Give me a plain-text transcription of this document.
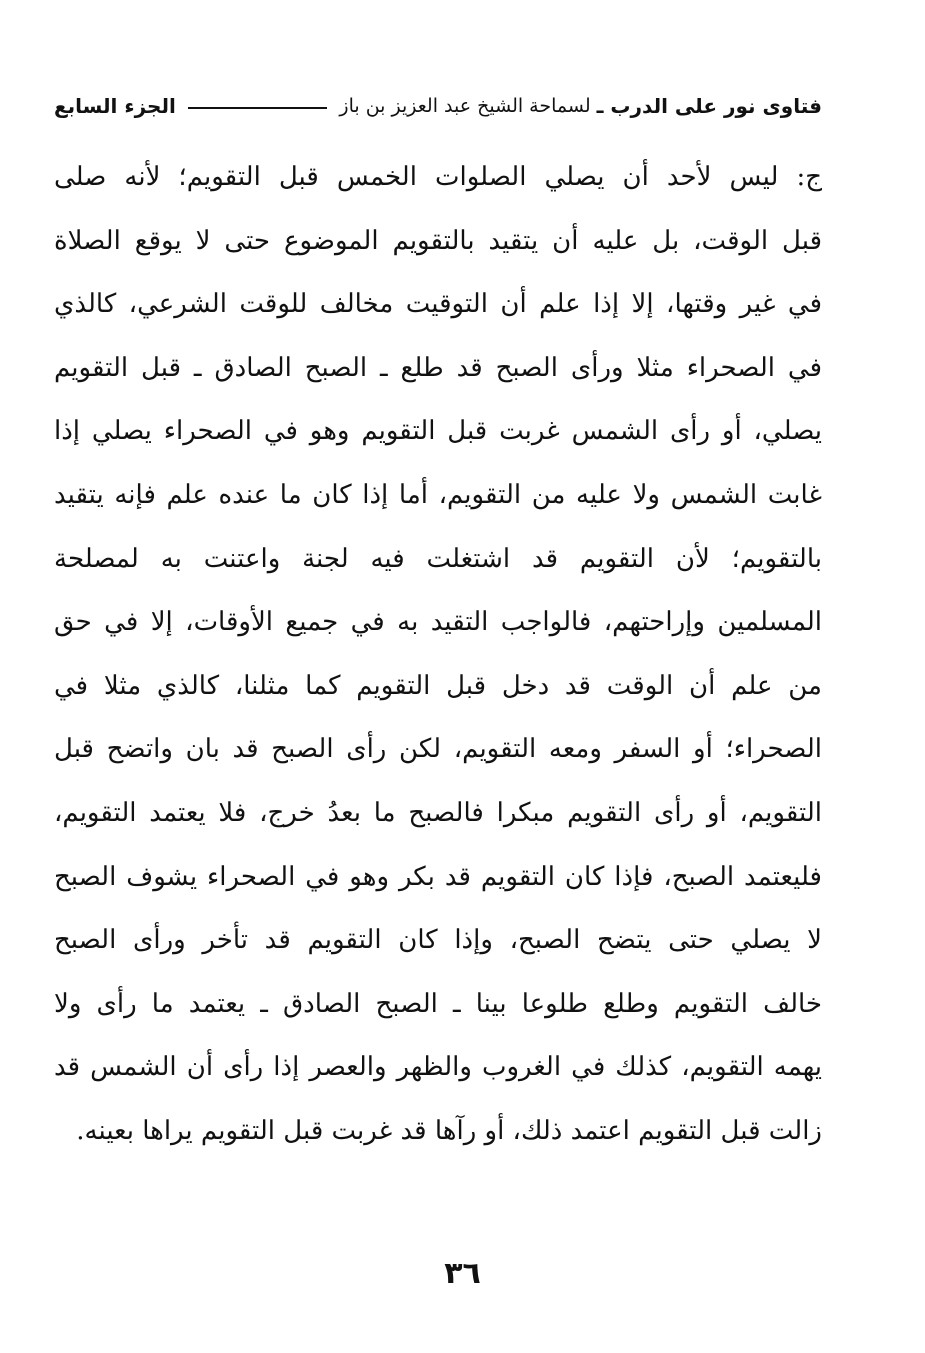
فتاوى نور على الدرب ـ
لسماحة الشيخ عبد العزيز بن باز
الجزء السابع
ج: ليس لأحد أن يصلي الصلوات الخمس قبل التقويم؛ لأنه صلى
قبل الوقت، بل عليه أن يتقيد بالتقويم الموضوع حتى لا يوقع الصلاة
في غير وقتها، إلا إذا علم أن التوقيت مخالف للوقت الشرعي، كالذي
في الصحراء مثلا ورأى الصبح قد طلع ـ الصبح الصادق ـ قبل التقويم
يصلي، أو رأى الشمس غربت قبل التقويم وهو في الصحراء يصلي إذا
غابت الشمس ولا عليه من التقويم، أما إذا كان ما عنده علم فإنه يتقيد
بالتقويم؛ لأن التقويم قد اشتغلت فيه لجنة واعتنت به لمصلحة
المسلمين وإراحتهم، فالواجب التقيد به في جميع الأوقات، إلا في حق
من علم أن الوقت قد دخل قبل التقويم كما مثلنا، كالذي مثلا في
الصحراء؛ أو السفر ومعه التقويم، لكن رأى الصبح قد بان واتضح قبل
التقويم، أو رأى التقويم مبكرا فالصبح ما بعدُ خرج، فلا يعتمد التقويم،
فليعتمد الصبح، فإذا كان التقويم قد بكر وهو في الصحراء يشوف الصبح
لا يصلي حتى يتضح الصبح، وإذا كان التقويم قد تأخر ورأى الصبح
خالف التقويم وطلع طلوعا بينا ـ الصبح الصادق ـ يعتمد ما رأى ولا
يهمه التقويم، كذلك في الغروب والظهر والعصر إذا رأى أن الشمس قد
زالت قبل التقويم اعتمد ذلك، أو رآها قد غربت قبل التقويم يراها بعينه.
٣٦
